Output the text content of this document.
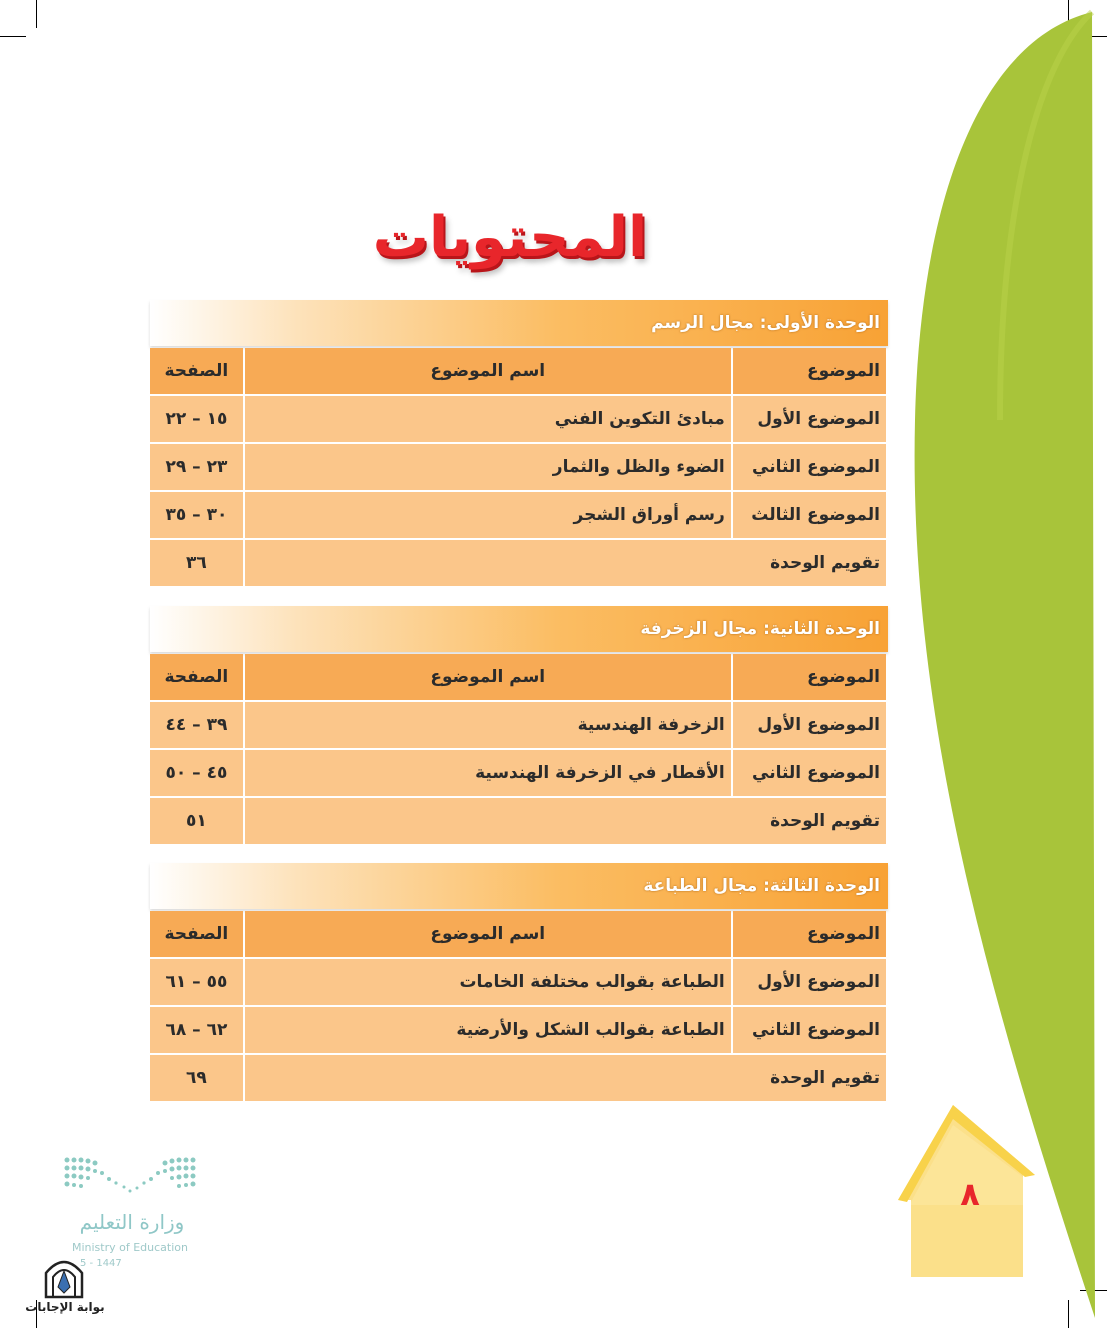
المحتويات
الوحدة الأولى: مجال الرسم
الموضوع	اسم الموضوع	الصفحة
الموضوع الأول	مبادئ التكوين الفني	١٥ – ٢٢
الموضوع الثاني	الضوء والظل والثمار	٢٣ – ٢٩
الموضوع الثالث	رسم أوراق الشجر	٣٠ – ٣٥
تقويم الوحدة		٣٦
الوحدة الثانية: مجال الزخرفة
الموضوع	اسم الموضوع	الصفحة
الموضوع الأول	الزخرفة الهندسية	٣٩ – ٤٤
الموضوع الثاني	الأقطار في الزخرفة الهندسية	٤٥ – ٥٠
تقويم الوحدة		٥١
الوحدة الثالثة: مجال الطباعة
الموضوع	اسم الموضوع	الصفحة
الموضوع الأول	الطباعة بقوالب مختلفة الخامات	٥٥ – ٦١
الموضوع الثاني	الطباعة بقوالب الشكل والأرضية	٦٢ – ٦٨
تقويم الوحدة		٦٩
٨
وزارة التعليم
Ministry of Education
5 - 1447
بوابة الإجابات
